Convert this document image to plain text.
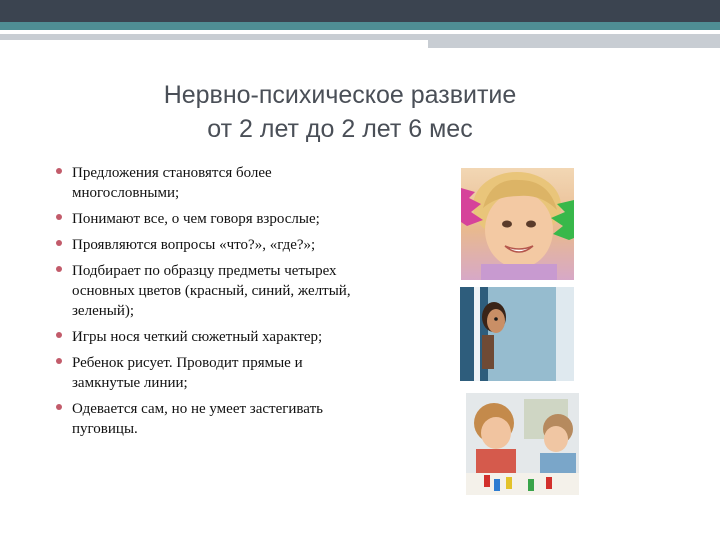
Нервно-психическое развитие
от 2 лет до 2 лет 6 мес
Предложения становятся более многословными;
Понимают все, о чем говоря взрослые;
Проявляются вопросы «что?», «где?»;
Подбирает по образцу предметы четырех основных цветов (красный, синий, желтый, зеленый);
Игры нося четкий сюжетный характер;
Ребенок рисует. Проводит прямые и замкнутые линии;
Одевается сам, но не умеет застегивать пуговицы.
